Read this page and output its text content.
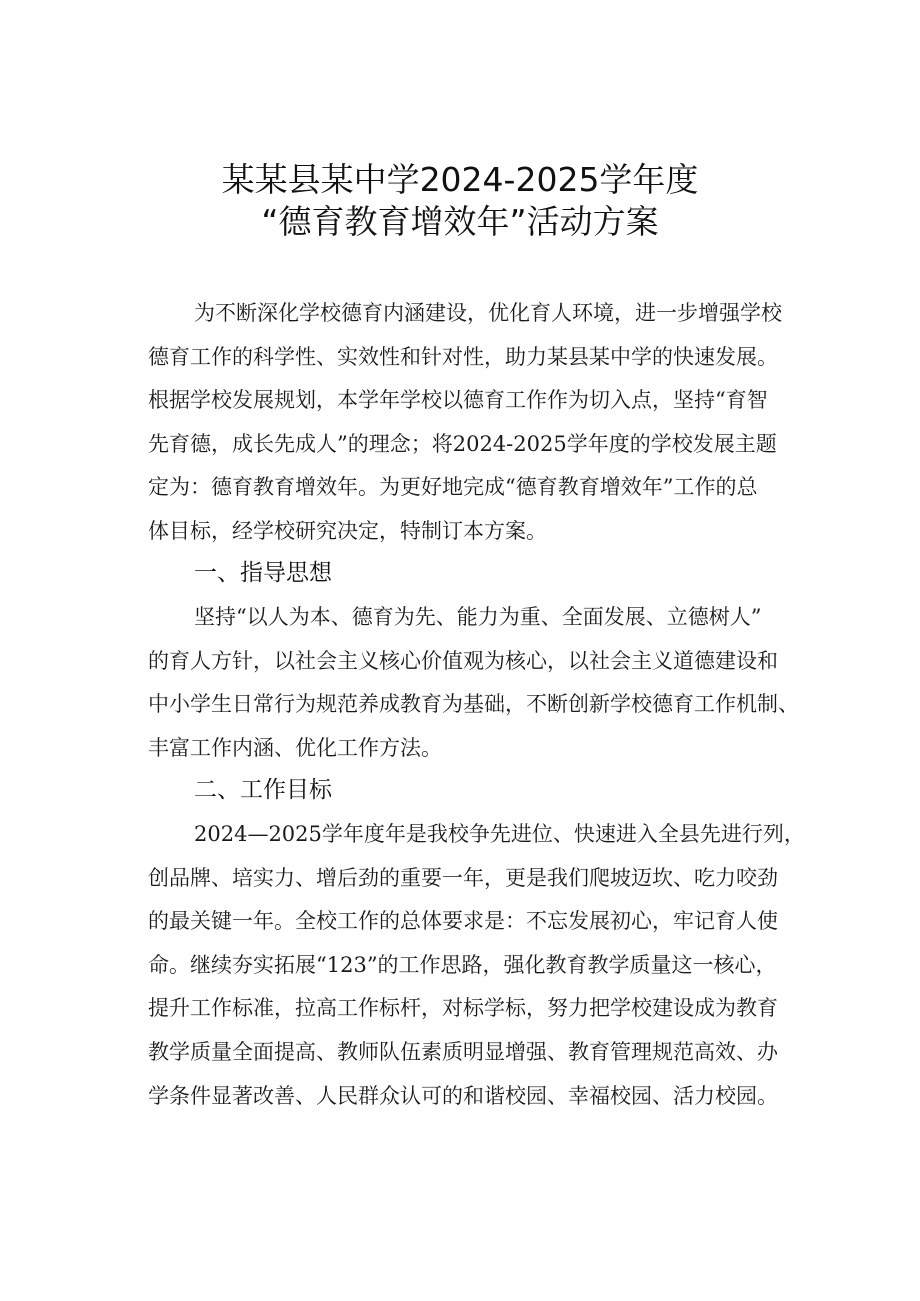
某某县某中学2024-2025学年度
“德育教育增效年”活动方案

为不断深化学校德育内涵建设，优化育人环境，进一步增强学校
德育工作的科学性、实效性和针对性，助力某县某中学的快速发展。
根据学校发展规划，本学年学校以德育工作作为切入点，坚持“育智
先育德，成长先成人”的理念；将2024-2025学年度的学校发展主题
定为：德育教育增效年。为更好地完成“德育教育增效年”工作的总
体目标，经学校研究决定，特制订本方案。

一、指导思想

坚持“以人为本、德育为先、能力为重、全面发展、立德树人”
的育人方针，以社会主义核心价值观为核心，以社会主义道德建设和
中小学生日常行为规范养成教育为基础，不断创新学校德育工作机制、
丰富工作内涵、优化工作方法。

二、工作目标

2024—2025学年度年是我校争先进位、快速进入全县先进行列，
创品牌、培实力、增后劲的重要一年，更是我们爬坡迈坎、吃力咬劲
的最关键一年。全校工作的总体要求是：不忘发展初心，牢记育人使
命。继续夯实拓展“123”的工作思路，强化教育教学质量这一核心，
提升工作标准，拉高工作标杆，对标学标，努力把学校建设成为教育
教学质量全面提高、教师队伍素质明显增强、教育管理规范高效、办
学条件显著改善、人民群众认可的和谐校园、幸福校园、活力校园。
